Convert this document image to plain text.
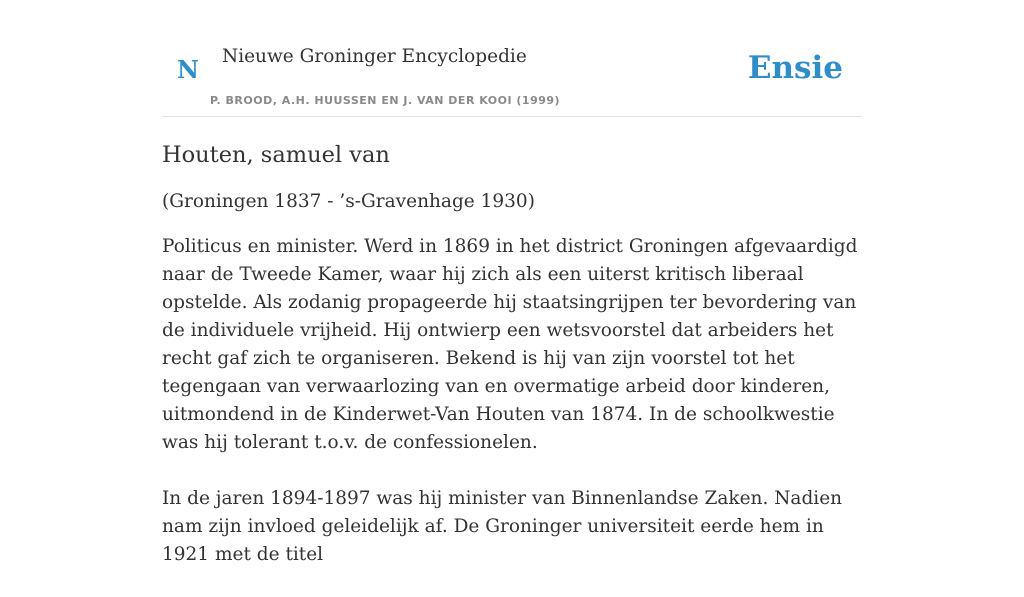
N Nieuwe Groninger Encyclopedie
P. BROOD, A.H. HUUSSEN EN J. VAN DER KOOI (1999)
Ensie
Houten, samuel van
(Groningen 1837 - ’s-Gravenhage 1930)

Politicus en minister. Werd in 1869 in het district Groningen afgevaardigd naar de Tweede Kamer, waar hij zich als een uiterst kritisch liberaal opstelde. Als zodanig propageerde hij staatsingrijpen ter bevordering van de individuele vrijheid. Hij ontwierp een wetsvoorstel dat arbeiders het recht gaf zich te organiseren. Bekend is hij van zijn voorstel tot het tegengaan van verwaarlozing van en overmatige arbeid door kinderen, uitmondend in de Kinderwet-Van Houten van 1874. In de schoolkwestie was hij tolerant t.o.v. de confessionelen.

In de jaren 1894-1897 was hij minister van Binnenlandse Zaken. Nadien nam zijn invloed geleidelijk af. De Groninger universiteit eerde hem in 1921 met de titel
